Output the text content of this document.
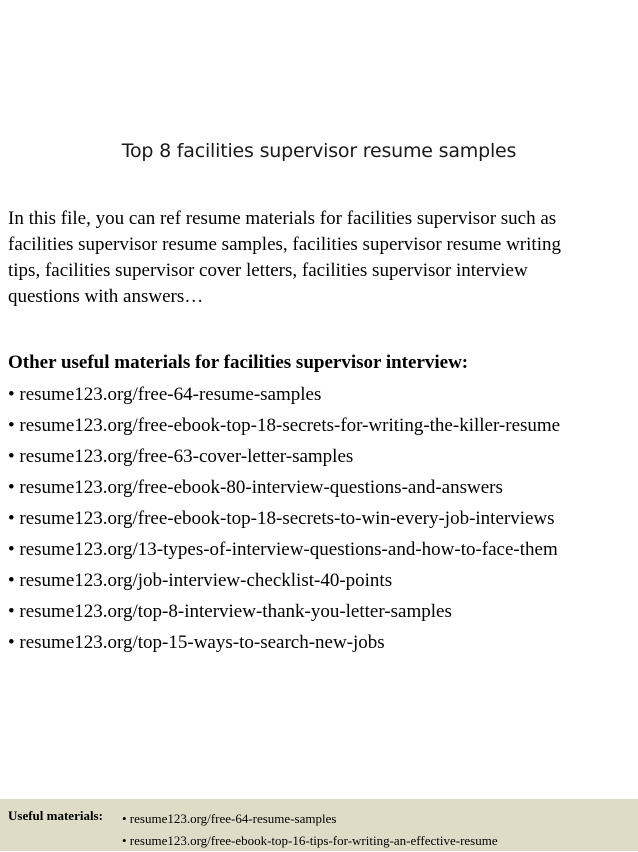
Top 8 facilities supervisor resume samples

In this file, you can ref resume materials for facilities supervisor such as
facilities supervisor resume samples, facilities supervisor resume writing
tips, facilities supervisor cover letters, facilities supervisor interview
questions with answers…

Other useful materials for facilities supervisor interview:

• resume123.org/free-64-resume-samples
• resume123.org/free-ebook-top-18-secrets-for-writing-the-killer-resume
• resume123.org/free-63-cover-letter-samples
• resume123.org/free-ebook-80-interview-questions-and-answers
• resume123.org/free-ebook-top-18-secrets-to-win-every-job-interviews
• resume123.org/13-types-of-interview-questions-and-how-to-face-them
• resume123.org/job-interview-checklist-40-points
• resume123.org/top-8-interview-thank-you-letter-samples
• resume123.org/top-15-ways-to-search-new-jobs
Useful materials: • resume123.org/free-64-resume-samples
• resume123.org/free-ebook-top-16-tips-for-writing-an-effective-resume
